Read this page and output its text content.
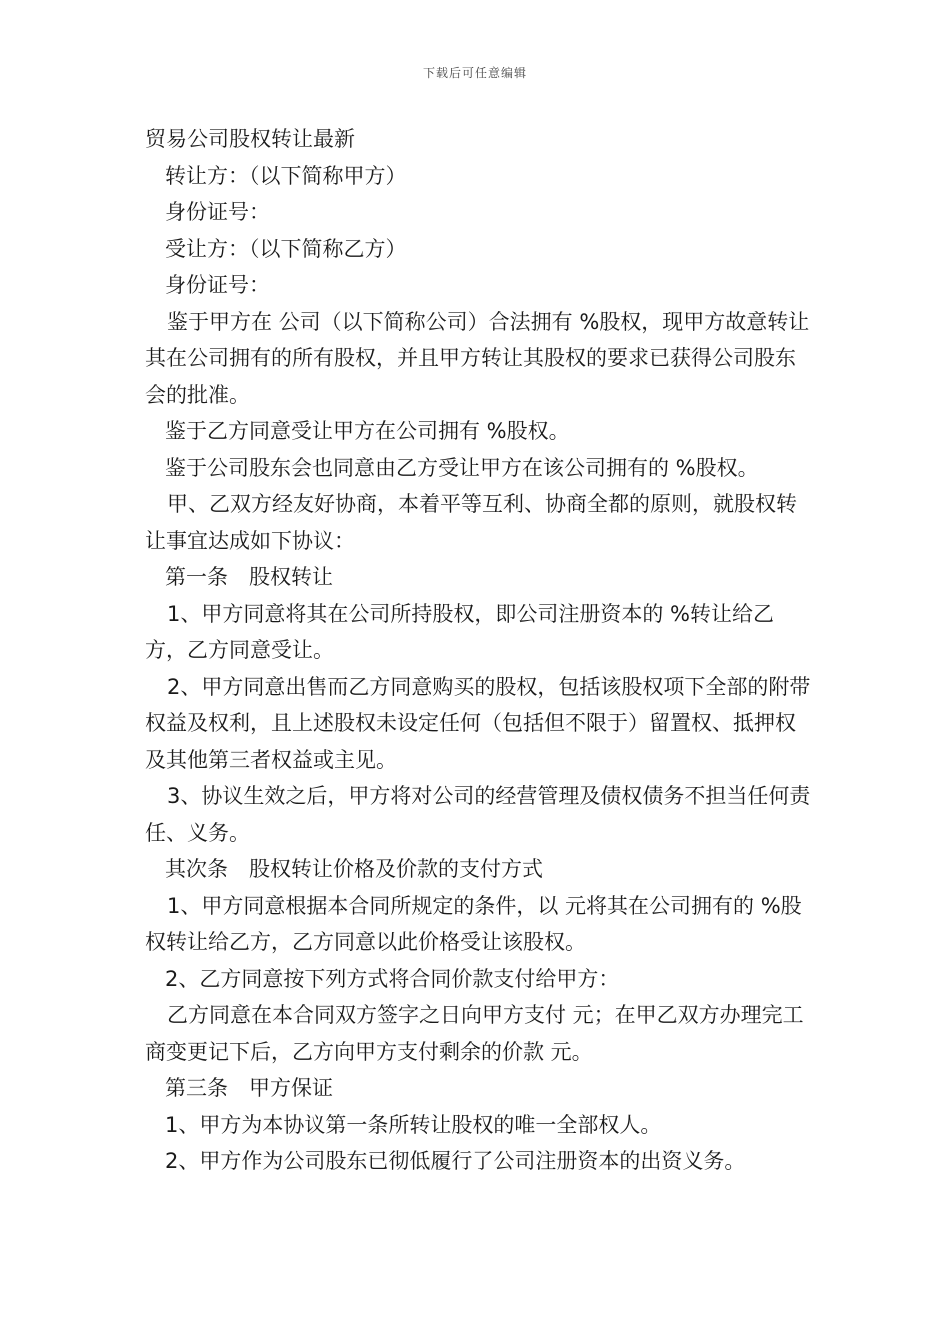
下载后可任意编辑

贸易公司股权转让最新

转让方：（以下简称甲方）

身份证号：

受让方：（以下简称乙方）

身份证号：

鉴于甲方在 公司（以下简称公司）合法拥有 %股权，现甲方故意转让其在公司拥有的所有股权，并且甲方转让其股权的要求已获得公司股东会的批准。

鉴于乙方同意受让甲方在公司拥有 %股权。

鉴于公司股东会也同意由乙方受让甲方在该公司拥有的 %股权。

甲、乙双方经友好协商，本着平等互利、协商全都的原则，就股权转让事宜达成如下协议：

第一条　股权转让

1、甲方同意将其在公司所持股权，即公司注册资本的 %转让给乙方，乙方同意受让。

2、甲方同意出售而乙方同意购买的股权，包括该股权项下全部的附带权益及权利，且上述股权未设定任何（包括但不限于）留置权、抵押权及其他第三者权益或主见。

3、协议生效之后，甲方将对公司的经营管理及债权债务不担当任何责任、义务。

其次条　股权转让价格及价款的支付方式

1、甲方同意根据本合同所规定的条件，以 元将其在公司拥有的 %股权转让给乙方，乙方同意以此价格受让该股权。

2、乙方同意按下列方式将合同价款支付给甲方：

乙方同意在本合同双方签字之日向甲方支付 元；在甲乙双方办理完工商变更记下后，乙方向甲方支付剩余的价款 元。

第三条　甲方保证

1、甲方为本协议第一条所转让股权的唯一全部权人。

2、甲方作为公司股东已彻低履行了公司注册资本的出资义务。
